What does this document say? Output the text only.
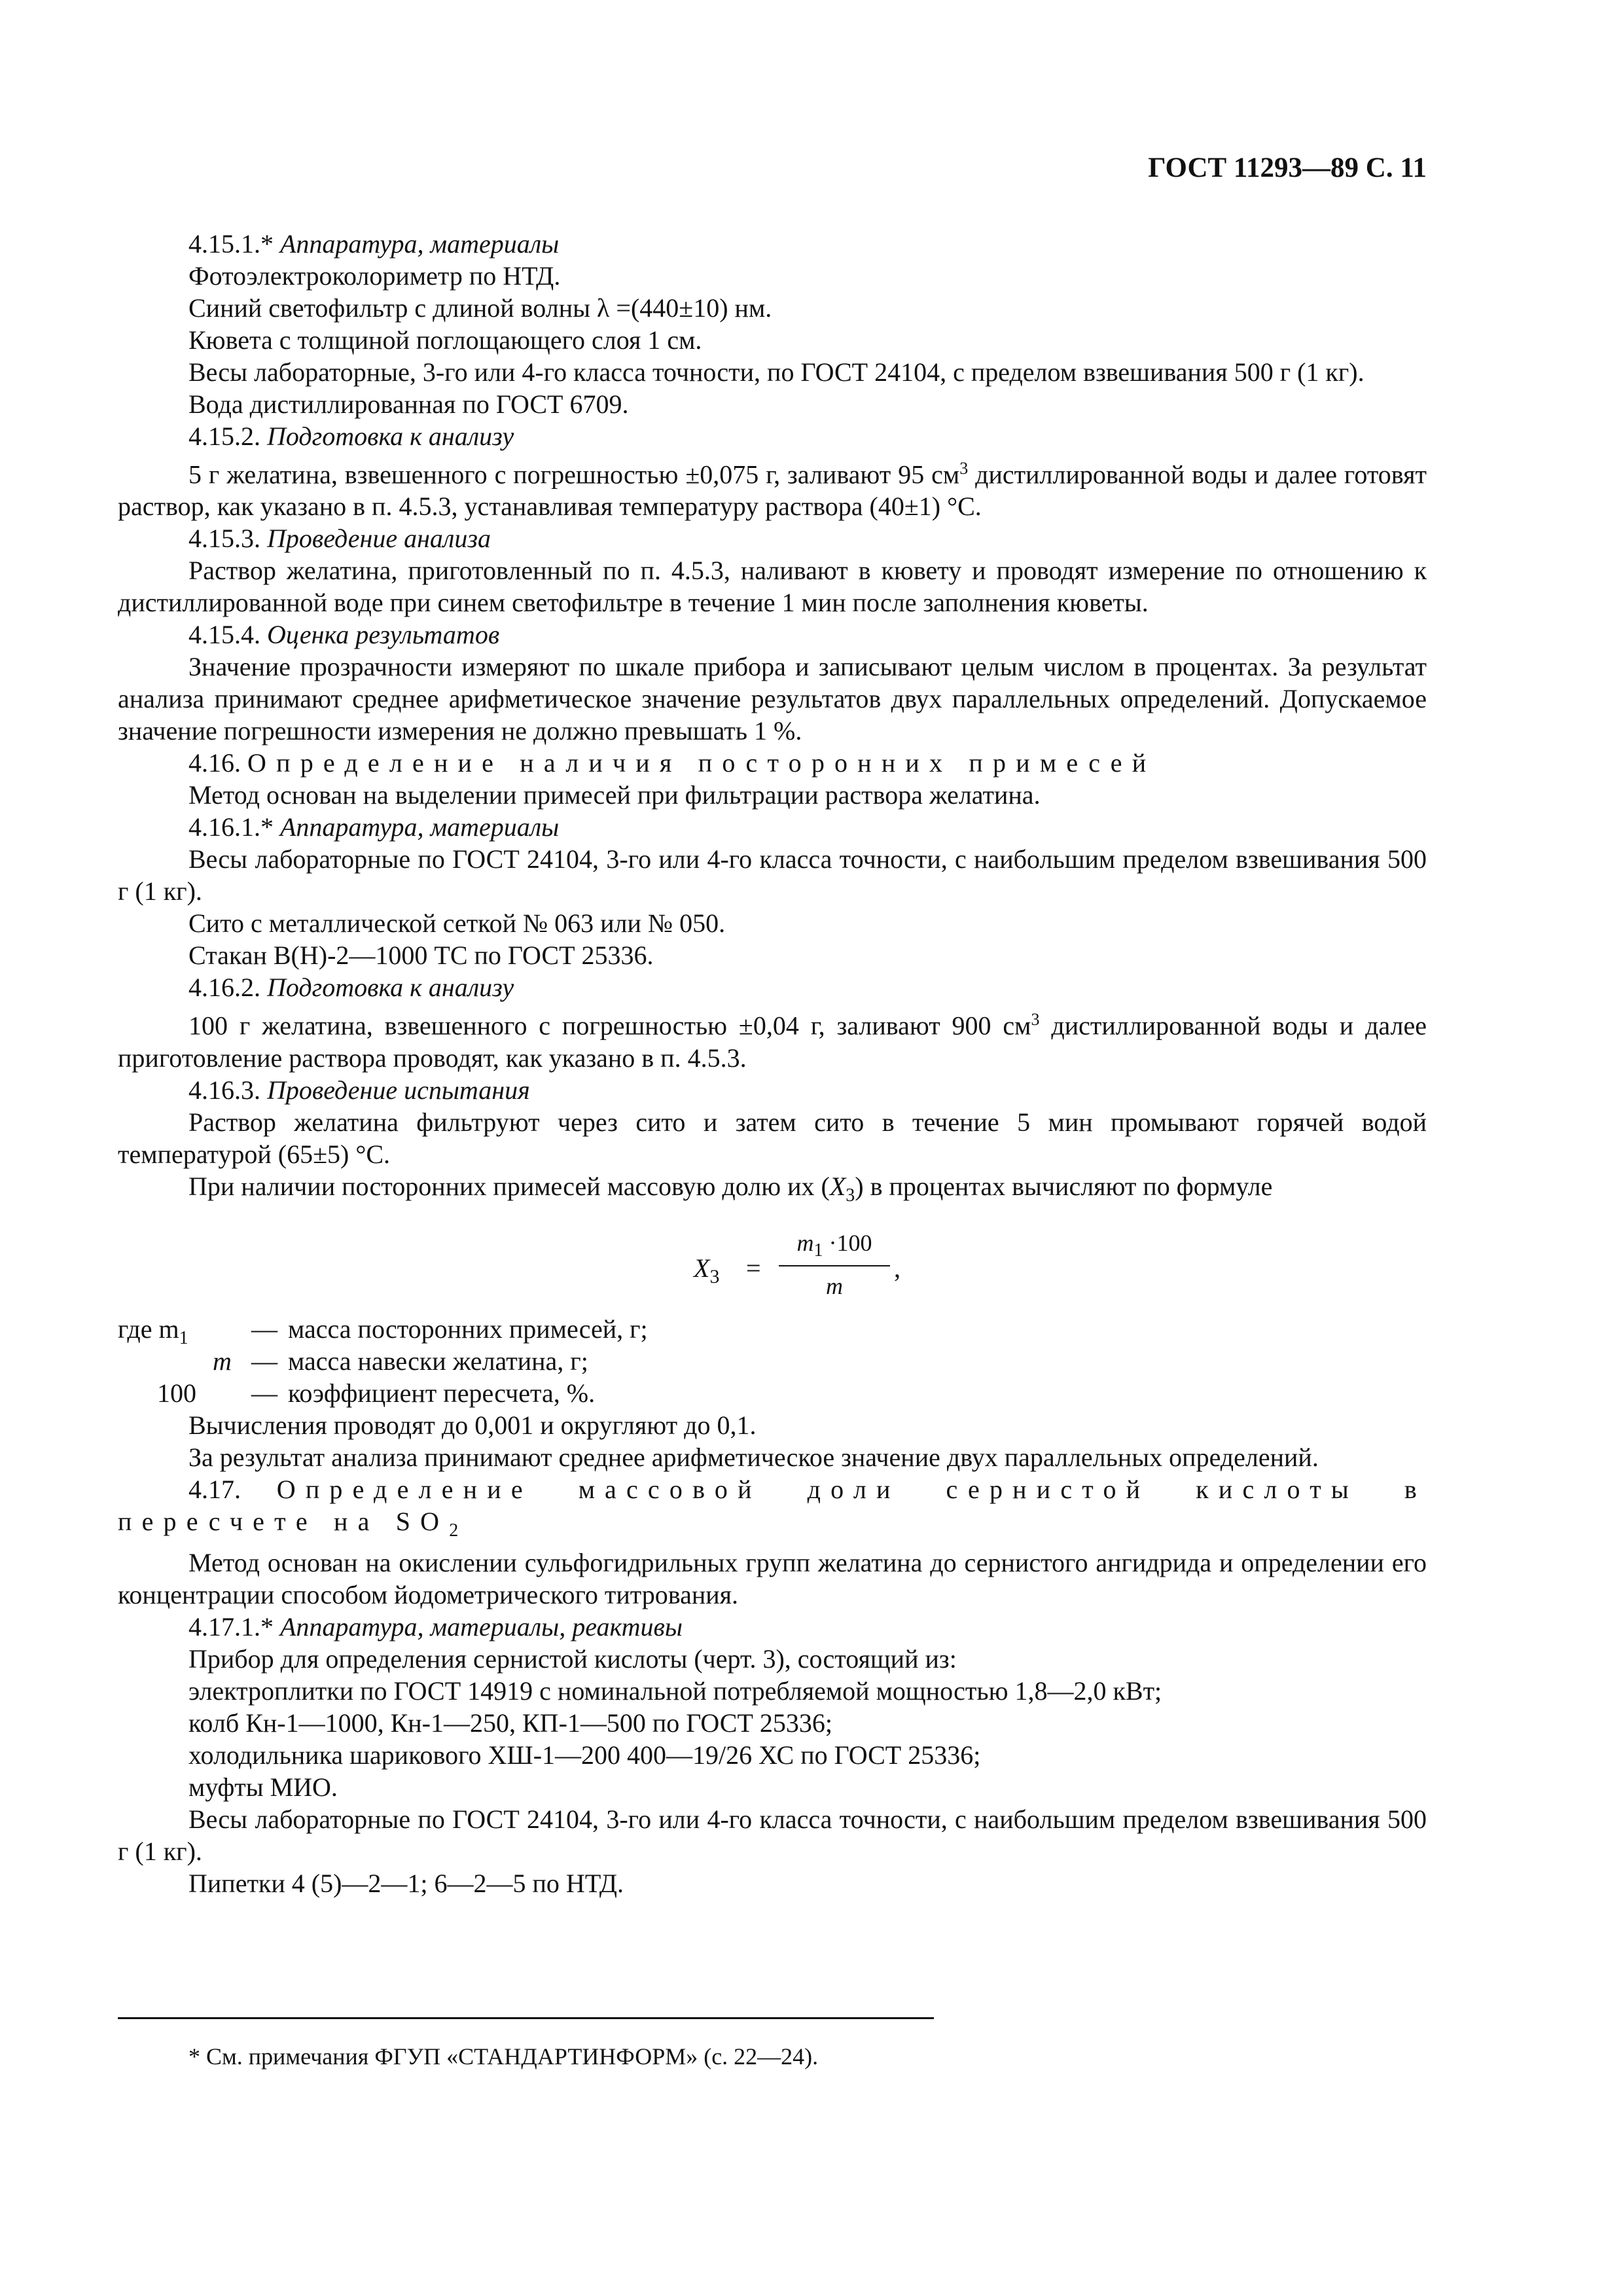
ГОСТ 11293—89 С. 11

4.15.1.* Аппаратура, материалы

Фотоэлектроколориметр по НТД.

Синий светофильтр с длиной волны λ =(440±10) нм.

Кювета с толщиной поглощающего слоя 1 см.

Весы лабораторные, 3-го или 4-го класса точности, по ГОСТ 24104, с пределом взвешивания 500 г (1 кг).

Вода дистиллированная по ГОСТ 6709.

4.15.2. Подготовка к анализу

5 г желатина, взвешенного с погрешностью ±0,075 г, заливают 95 $см^3$ дистиллированной воды и далее готовят раствор, как указано в п. 4.5.3, устанавливая температуру раствора (40±1) °С.

4.15.3. Проведение анализа

Раствор желатина, приготовленный по п. 4.5.3, наливают в кювету и проводят измерение по отношению к дистиллированной воде при синем светофильтре в течение 1 мин после заполнения кюветы.

4.15.4. Оценка результатов

Значение прозрачности измеряют по шкале прибора и записывают целым числом в процентах. За результат анализа принимают среднее арифметическое значение результатов двух параллельных определений. Допускаемое значение погрешности измерения не должно превышать 1 %.

4.16. Определение наличия посторонних примесей

Метод основан на выделении примесей при фильтрации раствора желатина.

4.16.1.* Аппаратура, материалы

Весы лабораторные по ГОСТ 24104, 3-го или 4-го класса точности, с наибольшим пределом взвешивания 500 г (1 кг).

Сито с металлической сеткой № 063 или № 050.

Стакан В(Н)-2—1000 ТС по ГОСТ 25336.

4.16.2. Подготовка к анализу

100 г желатина, взвешенного с погрешностью ±0,04 г, заливают 900 $см^3$ дистиллированной воды и далее приготовление раствора проводят, как указано в п. 4.5.3.

4.16.3. Проведение испытания

Раствор желатина фильтруют через сито и затем сито в течение 5 мин промывают горячей водой температурой (65±5) °С.

При наличии посторонних примесей массовую долю их $(X_3)$ в процентах вычисляют по формуле

$X_3$ =
$m_1 \cdot 100$
m
,
где $m_1$ — масса посторонних примесей, г;
m — масса навески желатина, г;
100 — коэффициент пересчета, %.

Вычисления проводят до 0,001 и округляют до 0,1.

За результат анализа принимают среднее арифметическое значение двух параллельных определений.

4.17. Определение массовой доли сернистой кислоты в пересчете на $SO_2$

Метод основан на окислении сульфогидрильных групп желатина до сернистого ангидрида и определении его концентрации способом йодометрического титрования.

4.17.1.* Аппаратура, материалы, реактивы

Прибор для определения сернистой кислоты (черт. 3), состоящий из:

электроплитки по ГОСТ 14919 с номинальной потребляемой мощностью 1,8—2,0 кВт;

колб Кн-1—1000, Кн-1—250, КП-1—500 по ГОСТ 25336;

холодильника шарикового ХШ-1—200 400—19/26 ХС по ГОСТ 25336;

муфты МИО.

Весы лабораторные по ГОСТ 24104, 3-го или 4-го класса точности, с наибольшим пределом взвешивания 500 г (1 кг).

Пипетки 4 (5)—2—1; 6—2—5 по НТД.

* См. примечания ФГУП «СТАНДАРТИНФОРМ» (с. 22—24).
